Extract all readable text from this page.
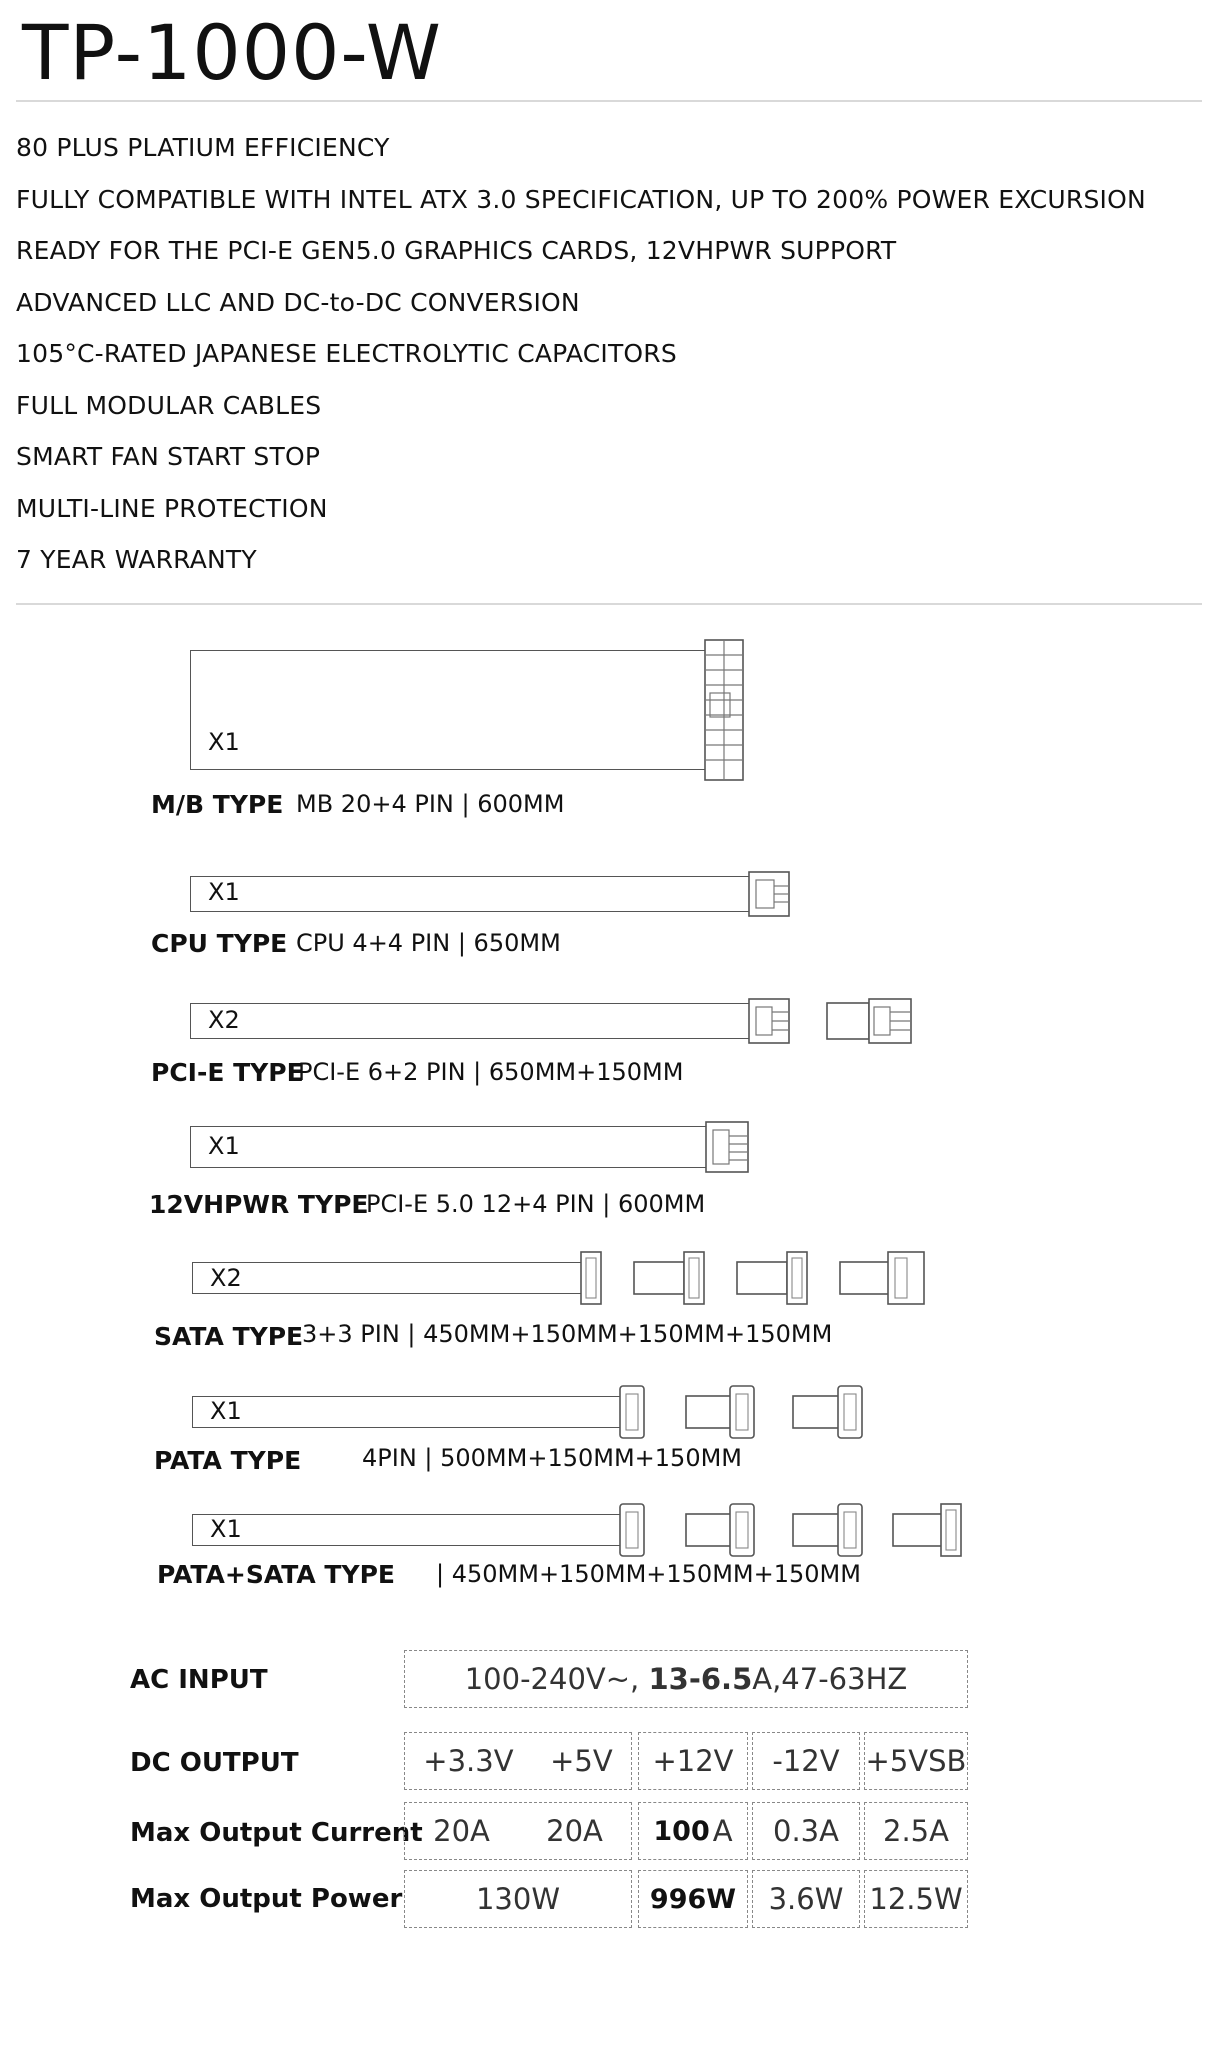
TP-1000-W
80 PLUS PLATIUM EFFICIENCY
FULLY COMPATIBLE WITH INTEL ATX 3.0 SPECIFICATION, UP TO 200% POWER EXCURSION
READY FOR THE PCI-E GEN5.0 GRAPHICS CARDS, 12VHPWR SUPPORT
ADVANCED LLC AND DC-to-DC CONVERSION
105°C-RATED JAPANESE ELECTROLYTIC CAPACITORS
FULL MODULAR CABLES
SMART FAN START STOP
MULTI-LINE PROTECTION
7 YEAR WARRANTY
X1
M/B TYPE MB 20+4 PIN | 600MM
X1
CPU TYPE CPU 4+4 PIN | 650MM
X2
PCI-E TYPE
PCI-E 6+2 PIN | 650MM+150MM
X1
12VHPWR TYPE
PCI-E 5.0 12+4 PIN | 600MM
X2
SATA TYPE
3+3 PIN | 450MM+150MM+150MM+150MM
X1
PATA TYPE	4PIN | 500MM+150MM+150MM
X1
PATA+SATA TYPE | 450MM+150MM+150MM+150MM
AC INPUT	100-240V~, 13-6.5 A,47-63HZ
DC OUTPUT	+3.3V +5V +12V -12V +5VSB
Max Output Current 20A 20A 100 A 0.3A 2.5A
Max Output Power	130W	996W 3.6W 12.5W
